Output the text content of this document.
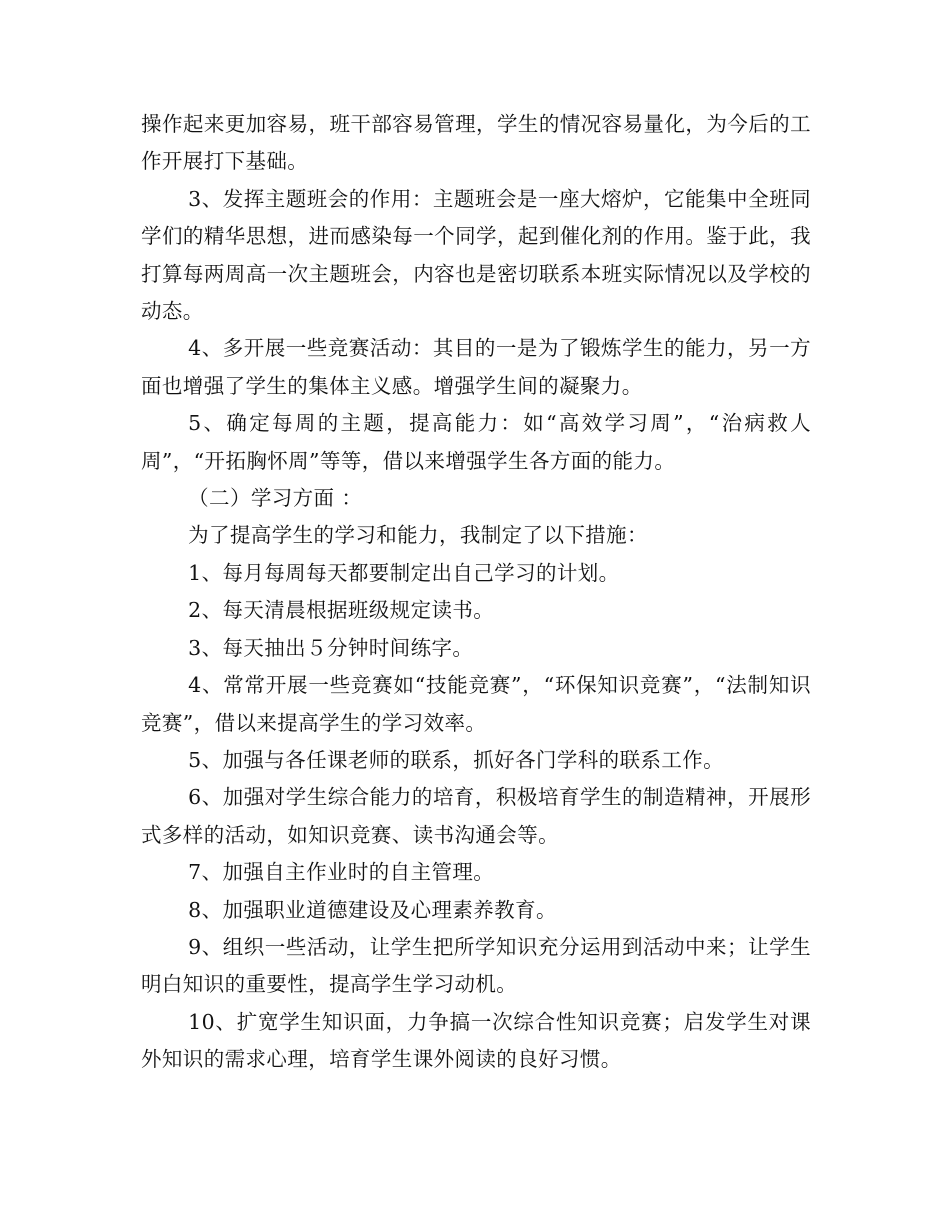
操作起来更加容易，班干部容易管理，学生的情况容易量化，为今后的工作开展打下基础。

3、发挥主题班会的作用：主题班会是一座大熔炉，它能集中全班同学们的精华思想，进而感染每一个同学，起到催化剂的作用。鉴于此，我打算每两周高一次主题班会，内容也是密切联系本班实际情况以及学校的动态。

4、多开展一些竞赛活动：其目的一是为了锻炼学生的能力，另一方面也增强了学生的集体主义感。增强学生间的凝聚力。

5、确定每周的主题，提高能力：如“高效学习周”，“治病救人周”，“开拓胸怀周”等等，借以来增强学生各方面的能力。

（二）学习方面 ：

为了提高学生的学习和能力，我制定了以下措施：

1、每月每周每天都要制定出自己学习的计划。

2、每天清晨根据班级规定读书。

3、每天抽出５分钟时间练字。

4、常常开展一些竞赛如“技能竞赛”，“环保知识竞赛”，“法制知识竞赛”，借以来提高学生的学习效率。

5、加强与各任课老师的联系，抓好各门学科的联系工作。

6、加强对学生综合能力的培育，积极培育学生的制造精神，开展形式多样的活动，如知识竞赛、读书沟通会等。

7、加强自主作业时的自主管理。

8、加强职业道德建设及心理素养教育。

9、组织一些活动，让学生把所学知识充分运用到活动中来；让学生明白知识的重要性，提高学生学习动机。

10、扩宽学生知识面，力争搞一次综合性知识竞赛；启发学生对课外知识的需求心理，培育学生课外阅读的良好习惯。
